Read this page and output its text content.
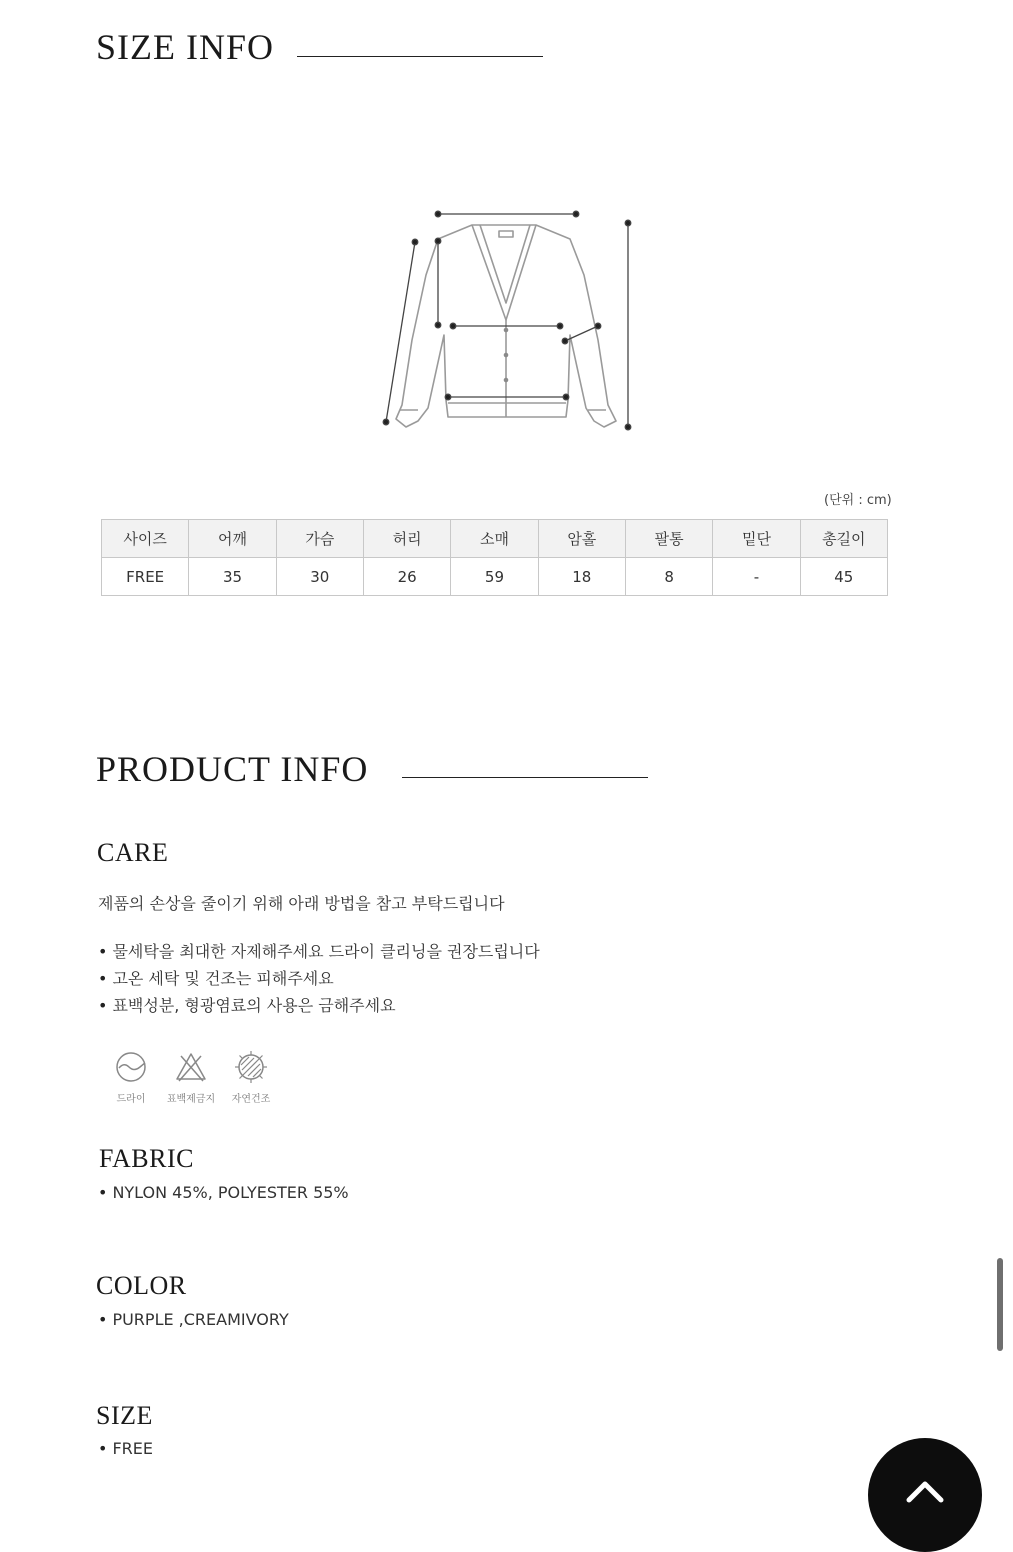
SIZE INFO
(단위 : cm)
사이즈	어깨	가슴	허리	소매	암홀	팔통	밑단	총길이
FREE	35	30	26	59	18	8	-	45
PRODUCT INFO
CARE

제품의 손상을 줄이기 위해 아래 방법을 참고 부탁드립니다

• 물세탁을 최대한 자제해주세요 드라이 클리닝을 권장드립니다
• 고온 세탁 및 건조는 피해주세요
• 표백성분, 형광염료의 사용은 금해주세요
드라이 표백제금지 자연건조
FABRIC
• NYLON 45%, POLYESTER 55%
COLOR
• PURPLE ,CREAMIVORY
SIZE
• FREE
